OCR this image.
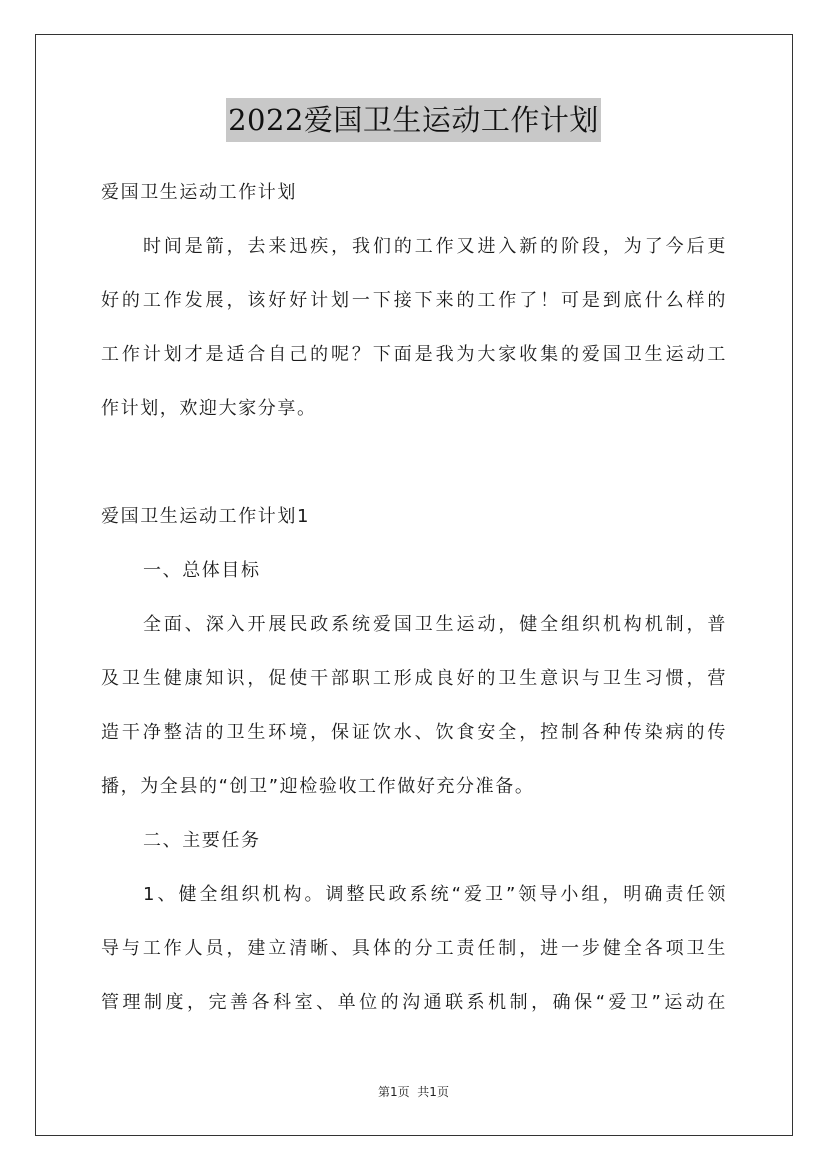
2022爱国卫生运动工作计划

爱国卫生运动工作计划

时间是箭，去来迅疾，我们的工作又进入新的阶段，为了今后更

好的工作发展，该好好计划一下接下来的工作了！可是到底什么样的

工作计划才是适合自己的呢？下面是我为大家收集的爱国卫生运动工

作计划，欢迎大家分享。

爱国卫生运动工作计划1

一、总体目标

全面、深入开展民政系统爱国卫生运动，健全组织机构机制，普

及卫生健康知识，促使干部职工形成良好的卫生意识与卫生习惯，营

造干净整洁的卫生环境，保证饮水、饮食安全，控制各种传染病的传

播，为全县的“创卫”迎检验收工作做好充分准备。

二、主要任务

1、健全组织机构。调整民政系统“爱卫”领导小组，明确责任领

导与工作人员，建立清晰、具体的分工责任制，进一步健全各项卫生

管理制度，完善各科室、单位的沟通联系机制，确保“爱卫”运动在

第1页  共1页
